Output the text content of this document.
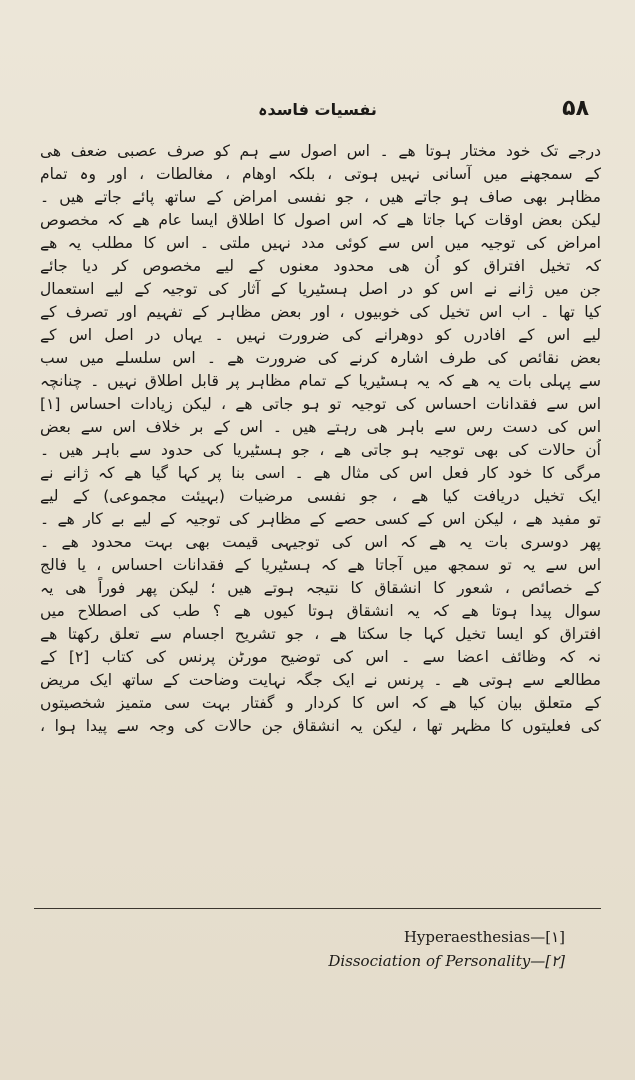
نفسیات فاسدہ	۵۸
درجے تک خود مختار ہوتا ھے ۔ اس اصول سے ہم کو صرف عصبی ضعف ھی
کے سمجھنے میں آسانی نہیں ہوتی ، بلکہ اوھام ، مغالطات ، اور وہ تمام
مظاہر بھی صاف ہو جاتے ھیں ، جو نفسی امراض کے ساتھ پائے جاتے ھیں ۔
لیکن بعض اوقات کہا جاتا ھے کہ اس اصول کا اطلاق ایسا عام ھے کہ مخصوص
امراض کی توجیہ میں اس سے کوئی مدد نہیں ملتی ۔ اس کا مطلب یہ ھے
کہ تخیل افتراق کو اُن ھی محدود معنوں کے لیے مخصوص کر دیا جائے
جن میں ژانے نے اس کو در اصل ہسٹیریا کے آثار کی توجیہ کے لیے استعمال
کیا تھا ۔ اب اس تخیل کی خوبیوں ، اور بعض مظاہر کے تفہیم اور تصرف کے
لیے اس کے افادرں کو دوھرانے کی ضرورت نہیں ۔ یہاں در اصل اس کے
بعض نقائص کی طرف اشارہ کرنے کی ضرورت ھے ۔ اس سلسلے میں سب
سے پہلی بات یہ ھے کہ یہ ہسٹیریا کے تمام مظاہر پر قابل اطلاق نہیں ۔ چنانچہ
اس سے فقدانات احساس کی توجیہ تو ہو جاتی ھے ، لیکن زیادات احساس [۱]
اس کی دست رس سے باہر ھی رہتے ھیں ۔ اس کے بر خلاف اس سے بعض
اُن حالات کی بھی توجیہ ہو جاتی ھے ، جو ہسٹیریا کی حدود سے باہر ھیں ۔
مرگی کا خود کار فعل اس کی مثال ھے ۔ اسی بنا پر کہا گیا ھے کہ ژانے نے
ایک تخیل دریافت کیا ھے ، جو نفسی مرضیات (بہیئت مجموعی) کے لیے
تو مفید ھے ، لیکن اس کے کسی حصے کے مظاہر کی توجیہ کے لیے بے کار ھے ۔
پھر دوسری بات یہ ھے کہ اس کی توجیہی قیمت بھی بہت محدود ھے ۔
اس سے یہ تو سمجھ میں آجاتا ھے کہ ہسٹیریا کے فقدانات احساس ، یا فالج
کے خصائص ، شعور کا انشقاق کا نتیجہ ہوتے ھیں ؛ لیکن پھر فوراً ھی یہ
سوال پیدا ہوتا ھے کہ یہ انشقاق ہوتا کیوں ھے ؟ طب کی اصطلاح میں
افتراق کو ایسا تخیل کہا جا سکتا ھے ، جو تشریح اجسام سے تعلق رکھتا ھے
نہ کہ وظائف اعضا سے ۔ اس کی توضیح مورٹن پرنس کی کتاب [۲] کے
مطالعے سے ہوتی ھے ۔ پرنس نے ایک جگہ نہایت وضاحت کے ساتھ ایک مریض
کے متعلق بیان کیا ھے کہ اس کا کردار و گفتار بہت سی متمیز شخصیتوں
کی فعلیتوں کا مظہر تھا ، لیکن یہ انشقاق جن حالات کی وجہ سے پیدا ہوا ،
Hyperaesthesias—[۱]
Dissociation of Personality—[۲]
